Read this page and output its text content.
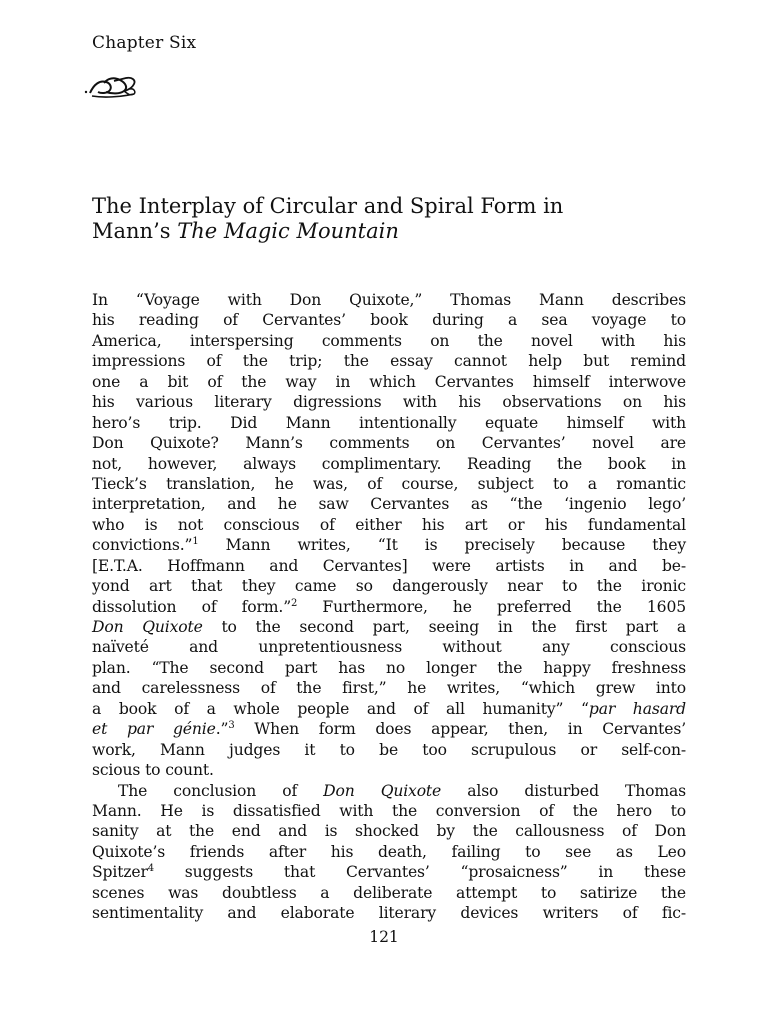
Chapter Six
The Interplay of Circular and Spiral Form in
Mann’s The Magic Mountain
In “Voyage with Don Quixote,” Thomas Mann describes
his reading of Cervantes’ book during a sea voyage to
America, interspersing comments on the novel with his
impressions of the trip; the essay cannot help but remind
one a bit of the way in which Cervantes himself interwove
his various literary digressions with his observations on his
hero’s trip. Did Mann intentionally equate himself with
Don Quixote? Mann’s comments on Cervantes’ novel are
not, however, always complimentary. Reading the book in
Tieck’s translation, he was, of course, subject to a romantic
interpretation, and he saw Cervantes as “the ‘ingenio lego’
who is not conscious of either his art or his fundamental
convictions.”$^1$ Mann writes, “It is precisely because they
[E.T.A. Hoffmann and Cervantes] were artists in and be-
yond art that they came so dangerously near to the ironic
dissolution of form.”$^2$ Furthermore, he preferred the 1605
Don Quixote to the second part, seeing in the first part a
naïveté and unpretentiousness without any conscious
plan. “The second part has no longer the happy freshness
and carelessness of the first,” he writes, “which grew into
a book of a whole people and of all humanity” “par hasard
et par génie.”$^3$ When form does appear, then, in Cervantes’
work, Mann judges it to be too scrupulous or self-con-
scious to count.
The conclusion of Don Quixote also disturbed Thomas
Mann. He is dissatisfied with the conversion of the hero to
sanity at the end and is shocked by the callousness of Don
Quixote’s friends after his death, failing to see as Leo
Spitzer$^4$ suggests that Cervantes’ “prosaicness” in these
scenes was doubtless a deliberate attempt to satirize the
sentimentality and elaborate literary devices writers of fic-
121
